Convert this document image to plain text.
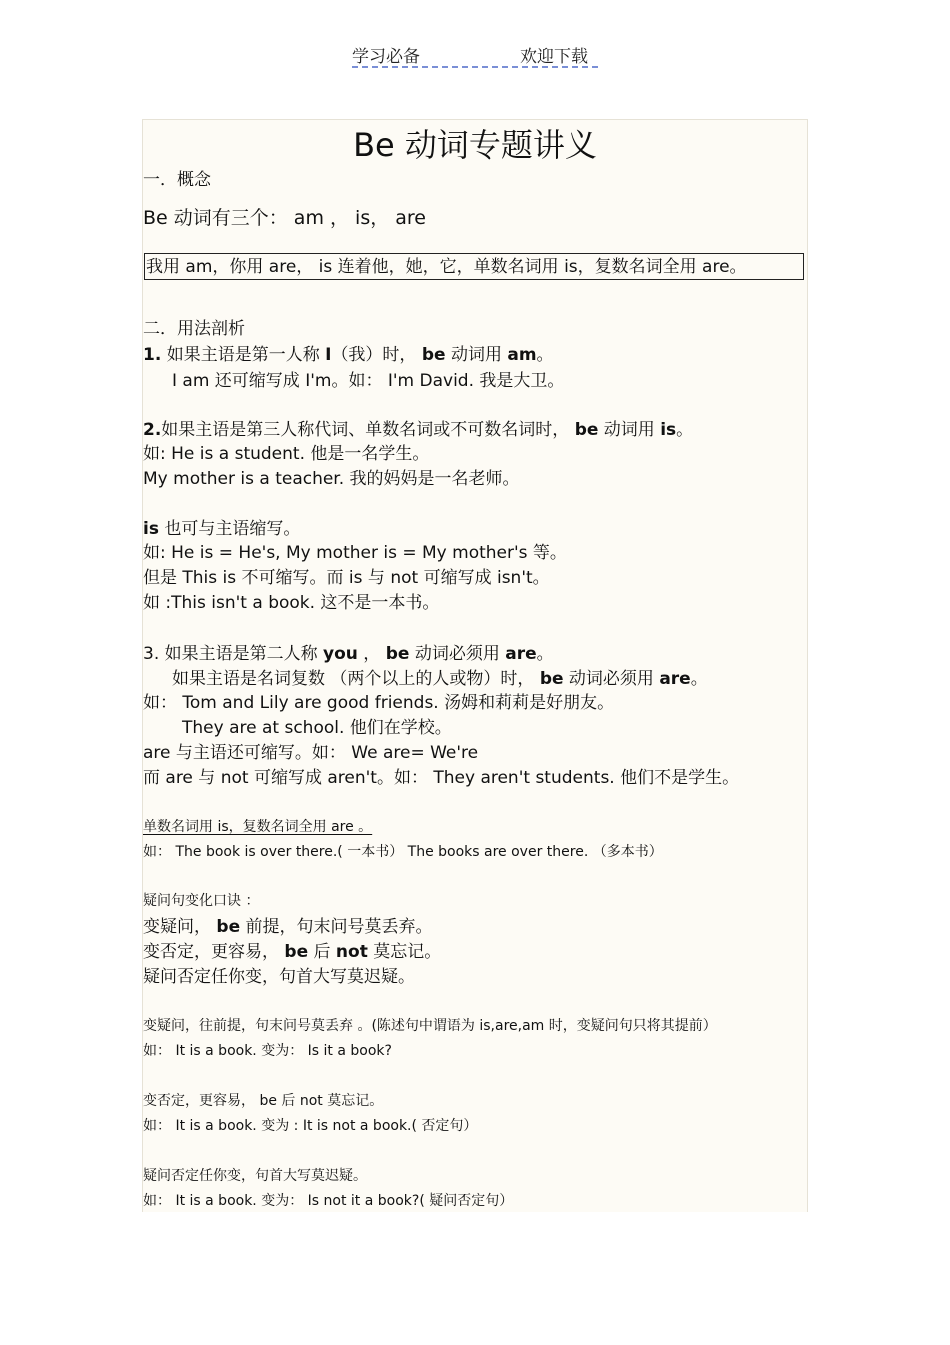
学习必备	欢迎下载
Be 动词专题讲义
一．概念
Be 动词有三个： am ， is， are
我用 am，你用 are， is 连着他，她，它，单数名词用 is，复数名词全用 are。
二．用法剖析
1. 如果主语是第一人称 I（我）时， be 动词用 am。
I am 还可缩写成 I'm。如： I'm David. 我是大卫。
2.如果主语是第三人称代词、单数名词或不可数名词时， be 动词用 is。
如: He is a student. 他是一名学生。
My mother is a teacher. 我的妈妈是一名老师。
is 也可与主语缩写。
如: He is = He's, My mother is = My mother's 等。
但是 This is 不可缩写。而 is 与 not 可缩写成 isn't。
如 :This isn't a book. 这不是一本书。
3. 如果主语是第二人称 you ， be 动词必须用 are。
如果主语是名词复数 （两个以上的人或物）时， be 动词必须用 are。
如： Tom and Lily are good friends. 汤姆和莉莉是好朋友。
They are at school. 他们在学校。
are 与主语还可缩写。如： We are= We're
而 are 与 not 可缩写成 aren't。如： They aren't students. 他们不是学生。
单数名词用 is，复数名词全用 are 。
如： The book is over there.( 一本书） The books are over there. （多本书）
疑问句变化口诀 ：
变疑问， be 前提，句末问号莫丢弃。
变否定，更容易， be 后 not 莫忘记。
疑问否定任你变，句首大写莫迟疑。
变疑问，往前提，句末问号莫丢弃 。(陈述句中谓语为 is,are,am 时，变疑问句只将其提前）
如： It is a book. 变为： Is it a book?
变否定，更容易， be 后 not 莫忘记。
如： It is a book. 变为 : It is not a book.( 否定句）
疑问否定任你变，句首大写莫迟疑。
如： It is a book. 变为： Is not it a book?( 疑问否定句）
